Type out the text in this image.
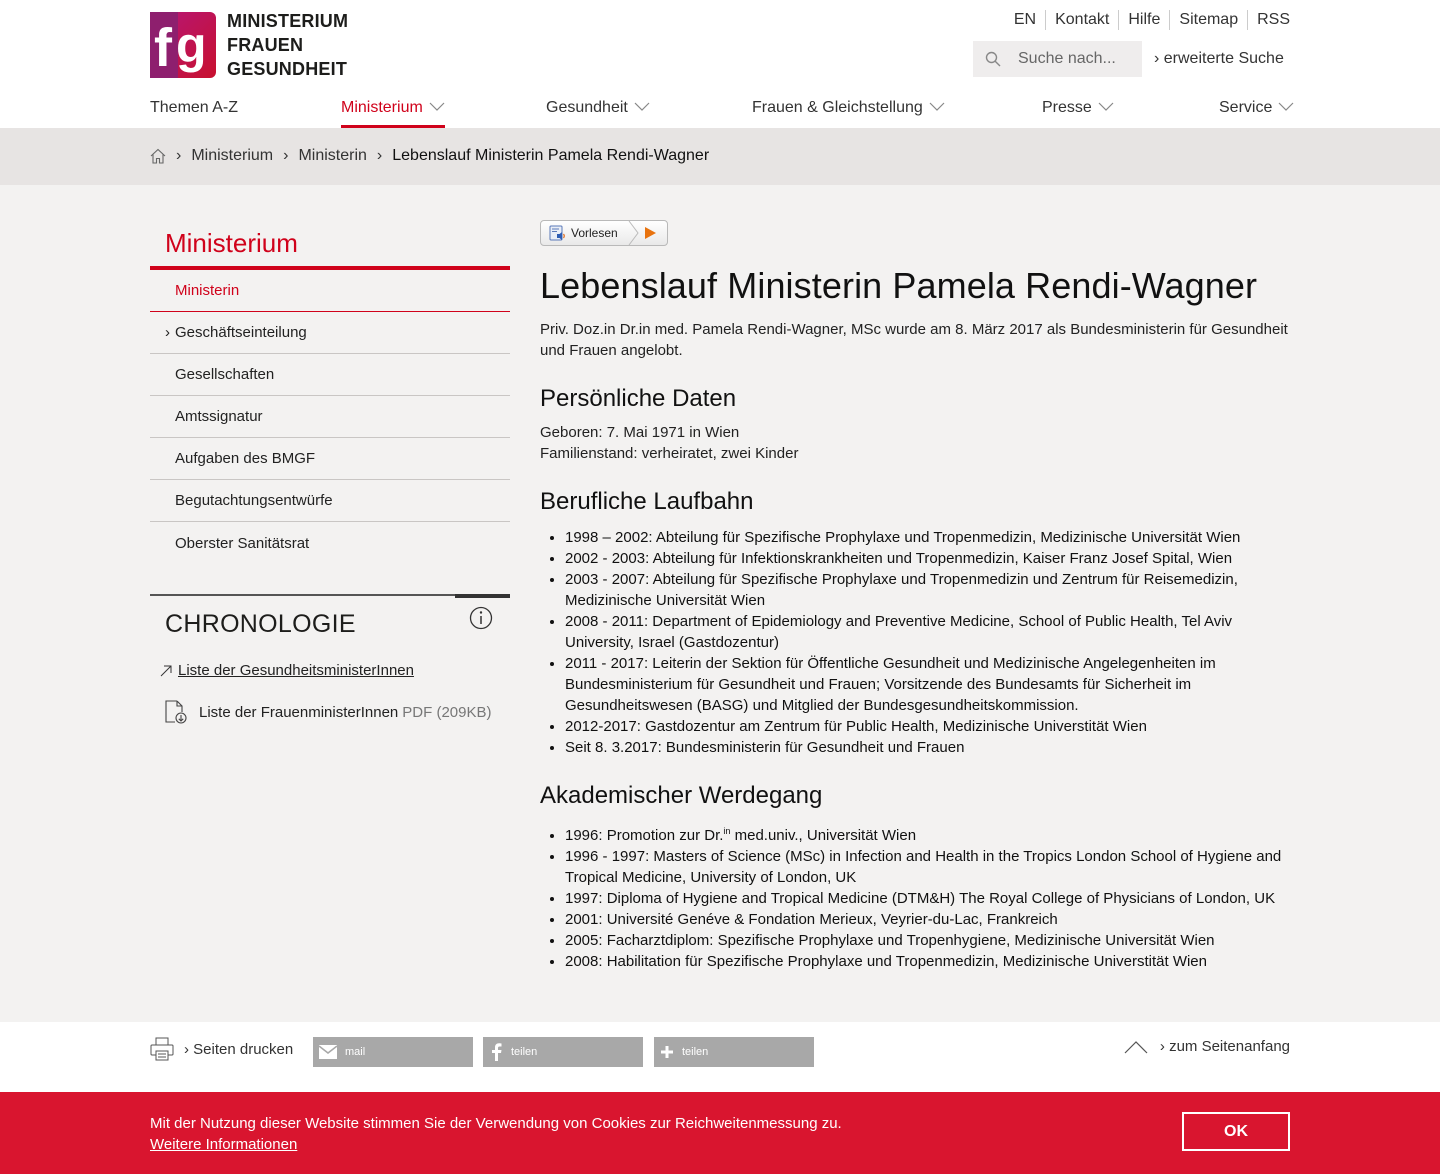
f g MINISTERIUM
FRAUEN
GESUNDHEIT
EN	Kontakt	Hilfe	Sitemap	RSS
Suche nach...
› erweiterte Suche
Themen A-Z	Ministerium	Gesundheit	Frauen & Gleichstellung	Presse	Service
› Ministerium › Ministerin › Lebenslauf Ministerin Pamela Rendi-Wagner
Ministerium
Ministerin
› Geschäftseinteilung
Gesellschaften
Amtssignatur
Aufgaben des BMGF
Begutachtungsentwürfe
Oberster Sanitätsrat
CHRONOLOGIE
Liste der GesundheitsministerInnen
Liste der FrauenministerInnen PDF (209KB)
Vorlesen
Lebenslauf Ministerin Pamela Rendi-Wagner

Priv. Doz.in Dr.in med. Pamela Rendi-Wagner, MSc wurde am 8. März 2017 als Bundesministerin für Gesundheit und Frauen angelobt.

Persönliche Daten
Geboren: 7. Mai 1971 in Wien
Familienstand: verheiratet, zwei Kinder
Berufliche Laufbahn
• 1998 – 2002: Abteilung für Spezifische Prophylaxe und Tropenmedizin, Medizinische Universität Wien
• 2002 - 2003: Abteilung für Infektionskrankheiten und Tropenmedizin, Kaiser Franz Josef Spital, Wien
• 2003 - 2007: Abteilung für Spezifische Prophylaxe und Tropenmedizin und Zentrum für Reisemedizin, Medizinische Universität Wien
• 2008 - 2011: Department of Epidemiology and Preventive Medicine, School of Public Health, Tel Aviv University, Israel (Gastdozentur)
• 2011 - 2017: Leiterin der Sektion für Öffentliche Gesundheit und Medizinische Angelegenheiten im Bundesministerium für Gesundheit und Frauen; Vorsitzende des Bundesamts für Sicherheit im Gesundheitswesen (BASG) und Mitglied der Bundesgesundheitskommission.
• 2012-2017: Gastdozentur am Zentrum für Public Health, Medizinische Universtität Wien
• Seit 8. 3.2017: Bundesministerin für Gesundheit und Frauen
Akademischer Werdegang
• 1996: Promotion zur Dr.$^{in}$ med.univ., Universität Wien
• 1996 - 1997: Masters of Science (MSc) in Infection and Health in the Tropics London School of Hygiene and Tropical Medicine, University of London, UK
• 1997: Diploma of Hygiene and Tropical Medicine (DTM&H) The Royal College of Physicians of London, UK
• 2001: Université Genéve & Fondation Merieux, Veyrier-du-Lac, Frankreich
• 2005: Facharztdiplom: Spezifische Prophylaxe und Tropenhygiene, Medizinische Universität Wien
• 2008: Habilitation für Spezifische Prophylaxe und Tropenmedizin, Medizinische Universtität Wien
› Seiten drucken	mail	teilen	teilen	› zum Seitenanfang
Mit der Nutzung dieser Website stimmen Sie der Verwendung von Cookies zur Reichweitenmessung zu.
Weitere Informationen
OK
